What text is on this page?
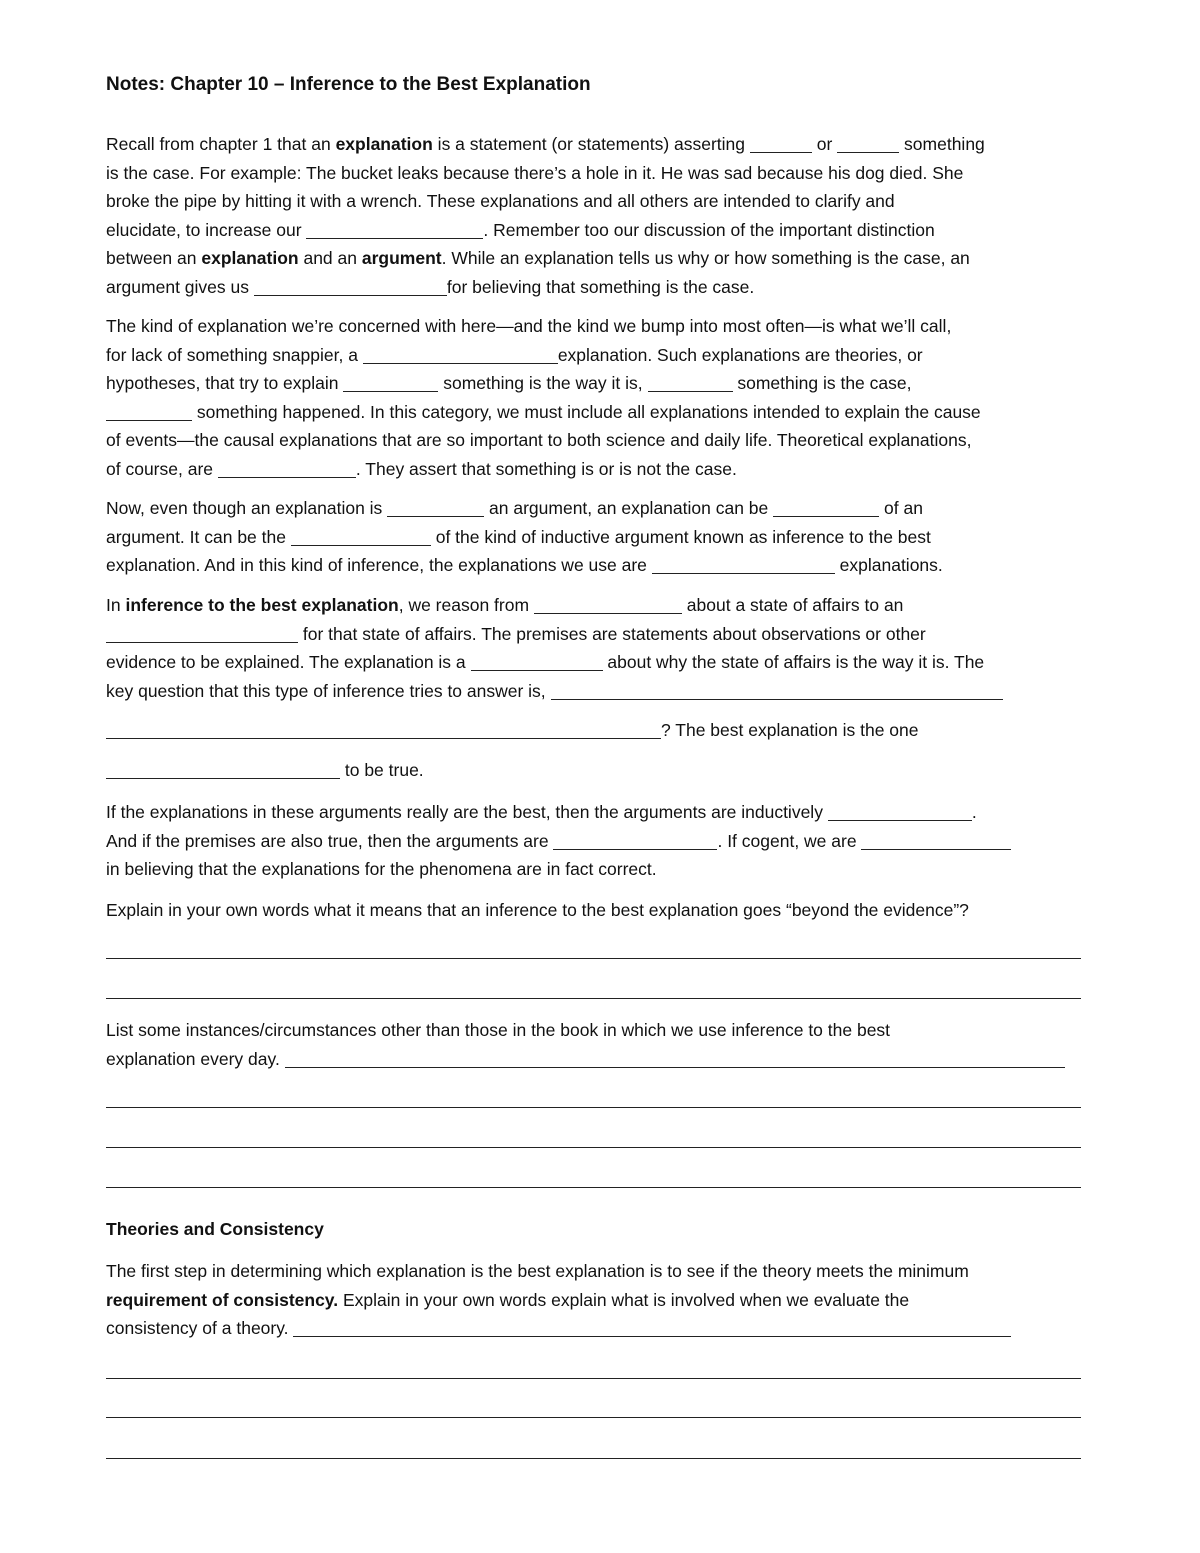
Notes: Chapter 10 – Inference to the Best Explanation
Recall from chapter 1 that an explanation is a statement (or statements) asserting	or	something
is the case. For example: The bucket leaks because there’s a hole in it. He was sad because his dog died. She
broke the pipe by hitting it with a wrench. These explanations and all others are intended to clarify and
elucidate, to increase our	. Remember too our discussion of the important distinction
between an explanation and an argument. While an explanation tells us why or how something is the case, an
argument gives us	for believing that something is the case.
The kind of explanation we’re concerned with here—and the kind we bump into most often—is what we’ll call,
for lack of something snappier, a	explanation. Such explanations are theories, or
hypotheses, that try to explain	something is the way it is,	something is the case,
something happened. In this category, we must include all explanations intended to explain the cause
of events—the causal explanations that are so important to both science and daily life. Theoretical explanations,
of course, are	. They assert that something is or is not the case.
Now, even though an explanation is	an argument, an explanation can be	of an
argument. It can be the	of the kind of inductive argument known as inference to the best
explanation. And in this kind of inference, the explanations we use are	explanations.
In inference to the best explanation, we reason from	about a state of affairs to an
for that state of affairs. The premises are statements about observations or other
evidence to be explained. The explanation is a	about why the state of affairs is the way it is. The
key question that this type of inference tries to answer is,
? The best explanation is the one
to be true.
If the explanations in these arguments really are the best, then the arguments are inductively	.
And if the premises are also true, then the arguments are	. If cogent, we are
in believing that the explanations for the phenomena are in fact correct.
Explain in your own words what it means that an inference to the best explanation goes “beyond the evidence”?
List some instances/circumstances other than those in the book in which we use inference to the best
explanation every day.
Theories and Consistency
The first step in determining which explanation is the best explanation is to see if the theory meets the minimum
requirement of consistency. Explain in your own words explain what is involved when we evaluate the
consistency of a theory.
